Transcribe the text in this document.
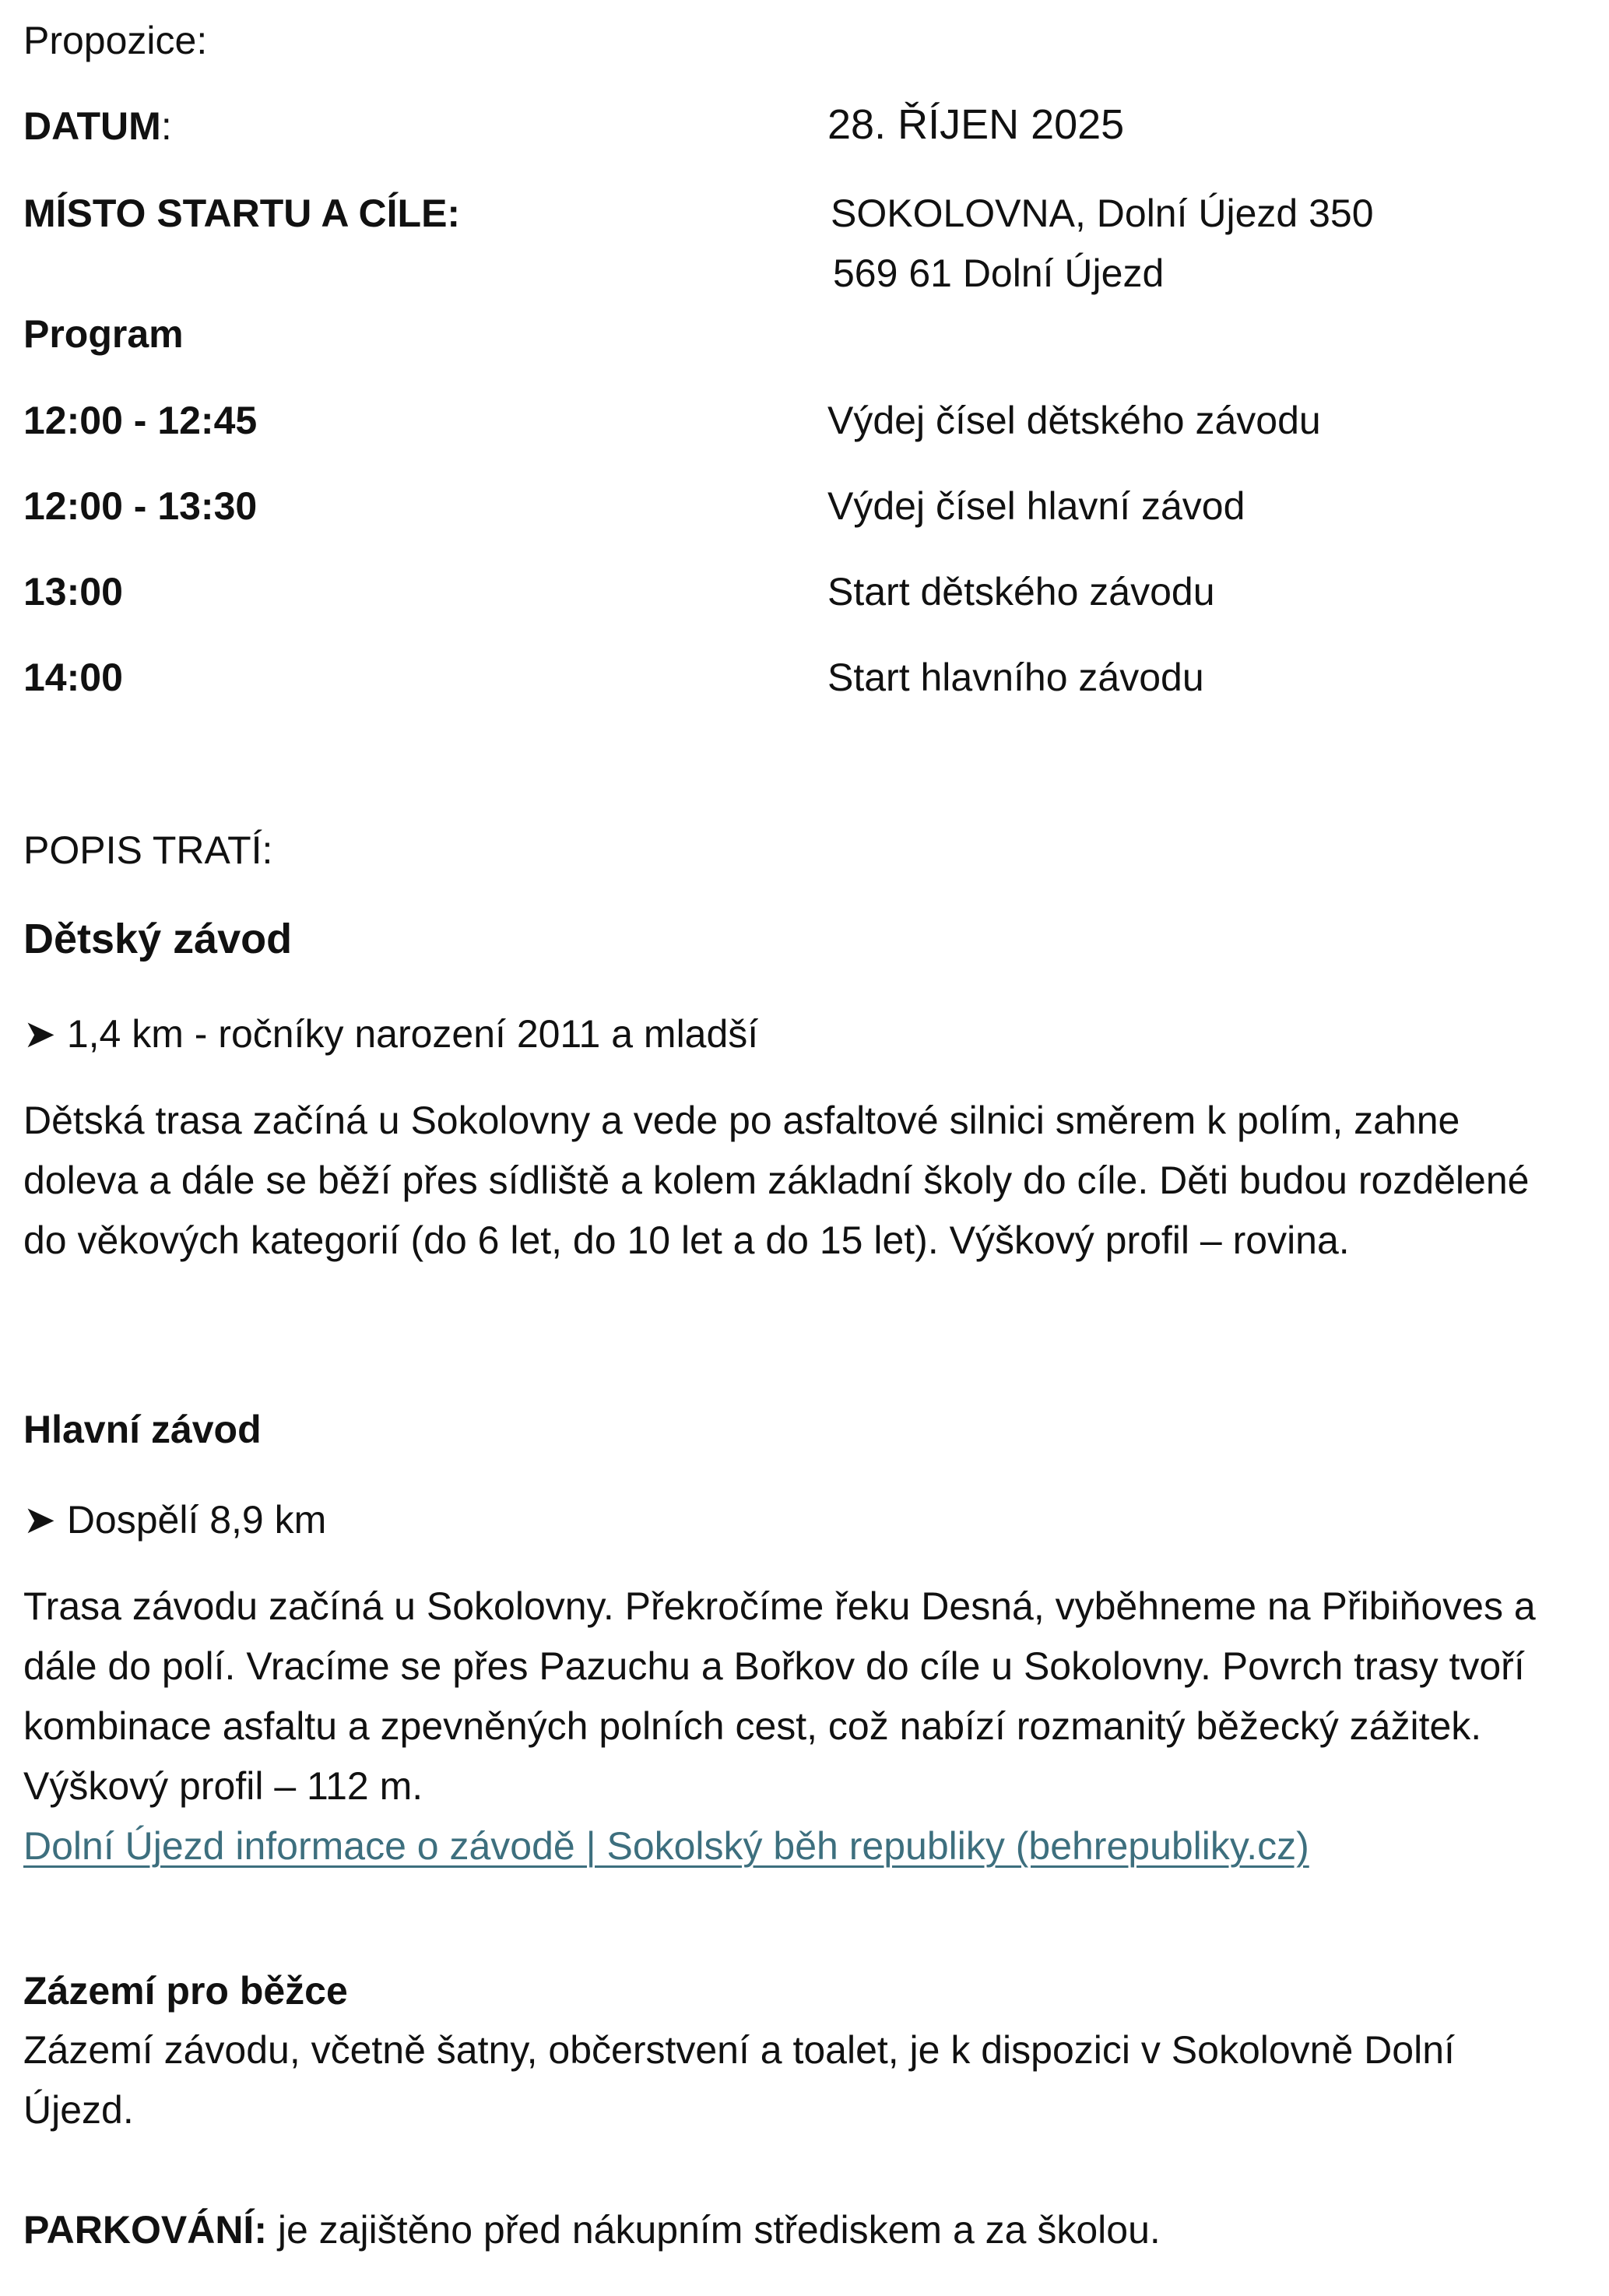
Propozice:
DATUM:	28. ŘÍJEN 2025
MÍSTO STARTU A CÍLE:	SOKOLOVNA, Dolní Újezd 350
569 61 Dolní Újezd
Program
12:00 - 12:45	Výdej čísel dětského závodu
12:00 - 13:30	Výdej čísel hlavní závod
13:00	Start dětského závodu
14:00	Start hlavního závodu
POPIS TRATÍ:
Dětský závod
➤ 1,4 km - ročníky narození 2011 a mladší
Dětská trasa začíná u Sokolovny a vede po asfaltové silnici směrem k polím, zahne doleva a dále se běží přes sídliště a kolem základní školy do cíle. Děti budou rozdělené do věkových kategorií (do 6 let, do 10 let a do 15 let). Výškový profil – rovina.
Hlavní závod
➤ Dospělí 8,9 km
Trasa závodu začíná u Sokolovny. Překročíme řeku Desná, vyběhneme na Přibiňoves a dále do polí. Vracíme se přes Pazuchu a Bořkov do cíle u Sokolovny. Povrch trasy tvoří kombinace asfaltu a zpevněných polních cest, což nabízí rozmanitý běžecký zážitek. Výškový profil – 112 m.
Dolní Újezd informace o závodě | Sokolský běh republiky (behrepubliky.cz)
Zázemí pro běžce
Zázemí závodu, včetně šatny, občerstvení a toalet, je k dispozici v Sokolovně Dolní Újezd.
PARKOVÁNÍ: je zajištěno před nákupním střediskem a za školou.
